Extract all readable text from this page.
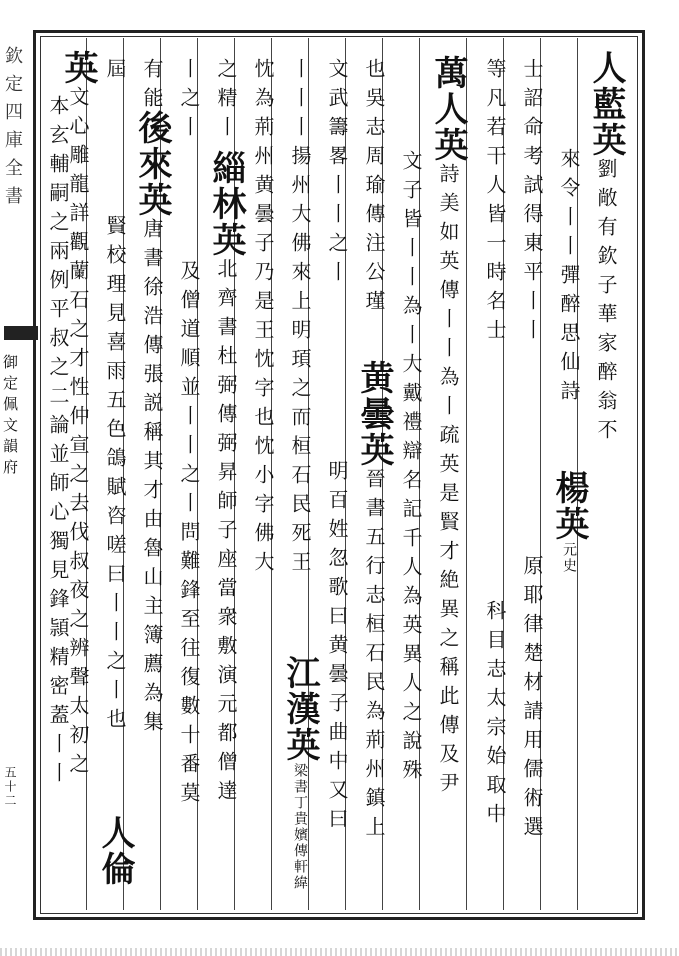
欽定四庫全書
御定佩文韻府
五十二
人藍英劉敞有欽子華家醉翁不
來令丨丨彈醉思仙詩
楊英元史
士詔命考試得東平丨丨
原耶律楚材請用儒術選
等凡若干人皆一時名士
科目志太宗始取中
萬人英詩美如英傳丨丨為丨疏英是賢才絶異之稱此傳及尹
文子皆丨丨為丨大戴禮辯名記千人為英異人之說殊
也吳志周瑜傳注公瑾
黄曇英晉書五行志桓石民為荊州鎮上
文武籌畧丨丨之丨
明百姓忽歌曰黄曇子曲中又曰
丨丨丨揚州大佛來上明頊之而桓石民死王
江漢英梁書丁貴嬪傳軒緯
忱為荊州黄曇子乃是王忱字也忱小字佛大
之精丨
緇林英北齊書杜弼傳弼昇師子座當衆敷演元都僧達
丨之丨
及僧道順並丨丨之丨問難鋒至往復數十番莫
有能
後來英唐書徐浩傳張説稱其才由魯山主簿薦為集
屆
賢校理見喜雨五色鴿賦咨嗟曰丨丨之丨也
人倫
英文心雕龍詳觀蘭石之才性仲宣之去伐叔夜之辨聲太初之
本玄輔嗣之兩例平叔之二論並師心獨見鋒頴精密蓋丨丨
